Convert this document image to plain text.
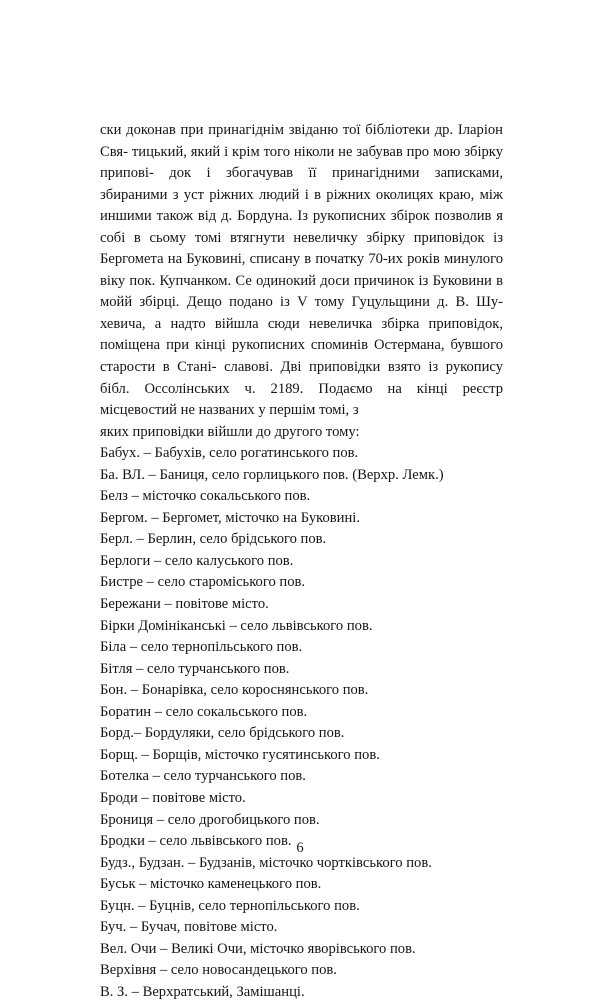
ски доконав при принагіднім звіданю тої бібліотеки др. Іларіон Свя- тицький, який і крім того ніколи не забував про мою збірку припові- док і збогачував її принагідними записками, збираними з уст ріжних людий і в ріжних околицях краю, між иншими також від д. Бордуна. Із рукописних збірок позволив я собі в сьому томі втягнути невеличку збірку приповідок із Бергомета на Буковині, списану в початку 70-их років минулого віку пок. Купчанком. Се одинокий доси причинок із Буковини в мойй збірці. Дещо подано із V тому Гуцульщини д. В. Шу- хевича, а надто війшла сюди невеличка збірка приповідок, поміщена при кінці рукописних споминів Остермана, бувшого старости в Стані- славові. Дві приповідки взято із рукопису бібл. Оссолінських ч. 2189. Подаємо на кінці реєстр місцевостий не названих у першім томі, з
яких приповідки війшли до другого тому:
Бабух. – Бабухів, село рогатинського пов.
Ба. ВЛ. – Баниця, село горлицького пов. (Верхр. Лемк.)
Белз – місточко сокальського пов.
Бергом. – Бергомет, місточко на Буковині.
Берл. – Берлин, село брідського пов.
Берлоги – село калуського пов.
Бистре – село староміського пов.
Бережани – повітове місто.
Бірки Домініканські – село львівського пов.
Біла – село тернопільського пов.
Бітля – село турчанського пов.
Бон. – Бонарівка, село короснянського пов.
Боратин – село сокальського пов.
Борд.– Бордуляки, село брідського пов.
Борщ. – Борщів, місточко гусятинського пов.
Ботелка – село турчанського пов.
Броди – повітове місто.
Брониця – село дрогобицького пов.
Бродки – село львівського пов.
Будз., Будзан. – Будзанів, місточко чортківського пов.
Буськ – місточко каменецького пов.
Буцн. – Буцнів, село тернопільського пов.
Буч. – Бучач, повітове місто.
Вел. Очи – Великі Очи, місточко яворівського пов.
Верхівня – село новосандецького пов.
В. З. – Верхратський, Замішанці.
6
